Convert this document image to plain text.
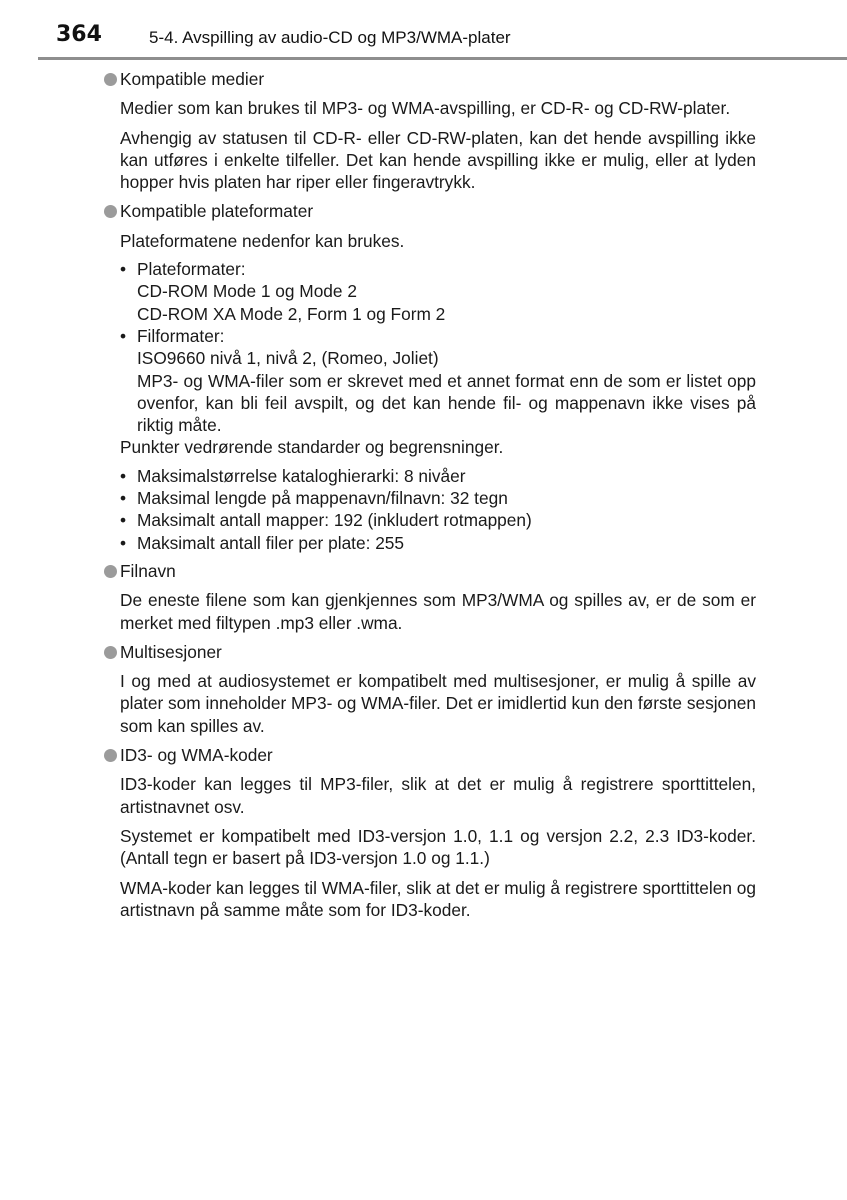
364	5-4. Avspilling av audio-CD og MP3/WMA-plater
Kompatible medier

Medier som kan brukes til MP3- og WMA-avspilling, er CD-R- og CD-RW-plater.

Avhengig av statusen til CD-R- eller CD-RW-platen, kan det hende avspilling ikke kan utføres i enkelte tilfeller. Det kan hende avspilling ikke er mulig, eller at lyden hopper hvis platen har riper eller fingeravtrykk.

Kompatible plateformater

Plateformatene nedenfor kan brukes.

• Plateformater:
CD-ROM Mode 1 og Mode 2
CD-ROM XA Mode 2, Form 1 og Form 2
• Filformater:
ISO9660 nivå 1, nivå 2, (Romeo, Joliet)
MP3- og WMA-filer som er skrevet med et annet format enn de som er listet opp ovenfor, kan bli feil avspilt, og det kan hende fil- og mappenavn ikke vises på riktig måte.

Punkter vedrørende standarder og begrensninger.

• Maksimalstørrelse kataloghierarki: 8 nivåer
• Maksimal lengde på mappenavn/filnavn: 32 tegn
• Maksimalt antall mapper: 192 (inkludert rotmappen)
• Maksimalt antall filer per plate: 255
Filnavn

De eneste filene som kan gjenkjennes som MP3/WMA og spilles av, er de som er merket med filtypen .mp3 eller .wma.

Multisesjoner

I og med at audiosystemet er kompatibelt med multisesjoner, er mulig å spille av plater som inneholder MP3- og WMA-filer. Det er imidlertid kun den første sesjonen som kan spilles av.

ID3- og WMA-koder

ID3-koder kan legges til MP3-filer, slik at det er mulig å registrere sporttittelen, artistnavnet osv.

Systemet er kompatibelt med ID3-versjon 1.0, 1.1 og versjon 2.2, 2.3 ID3-koder. (Antall tegn er basert på ID3-versjon 1.0 og 1.1.)

WMA-koder kan legges til WMA-filer, slik at det er mulig å registrere sporttittelen og artistnavn på samme måte som for ID3-koder.
